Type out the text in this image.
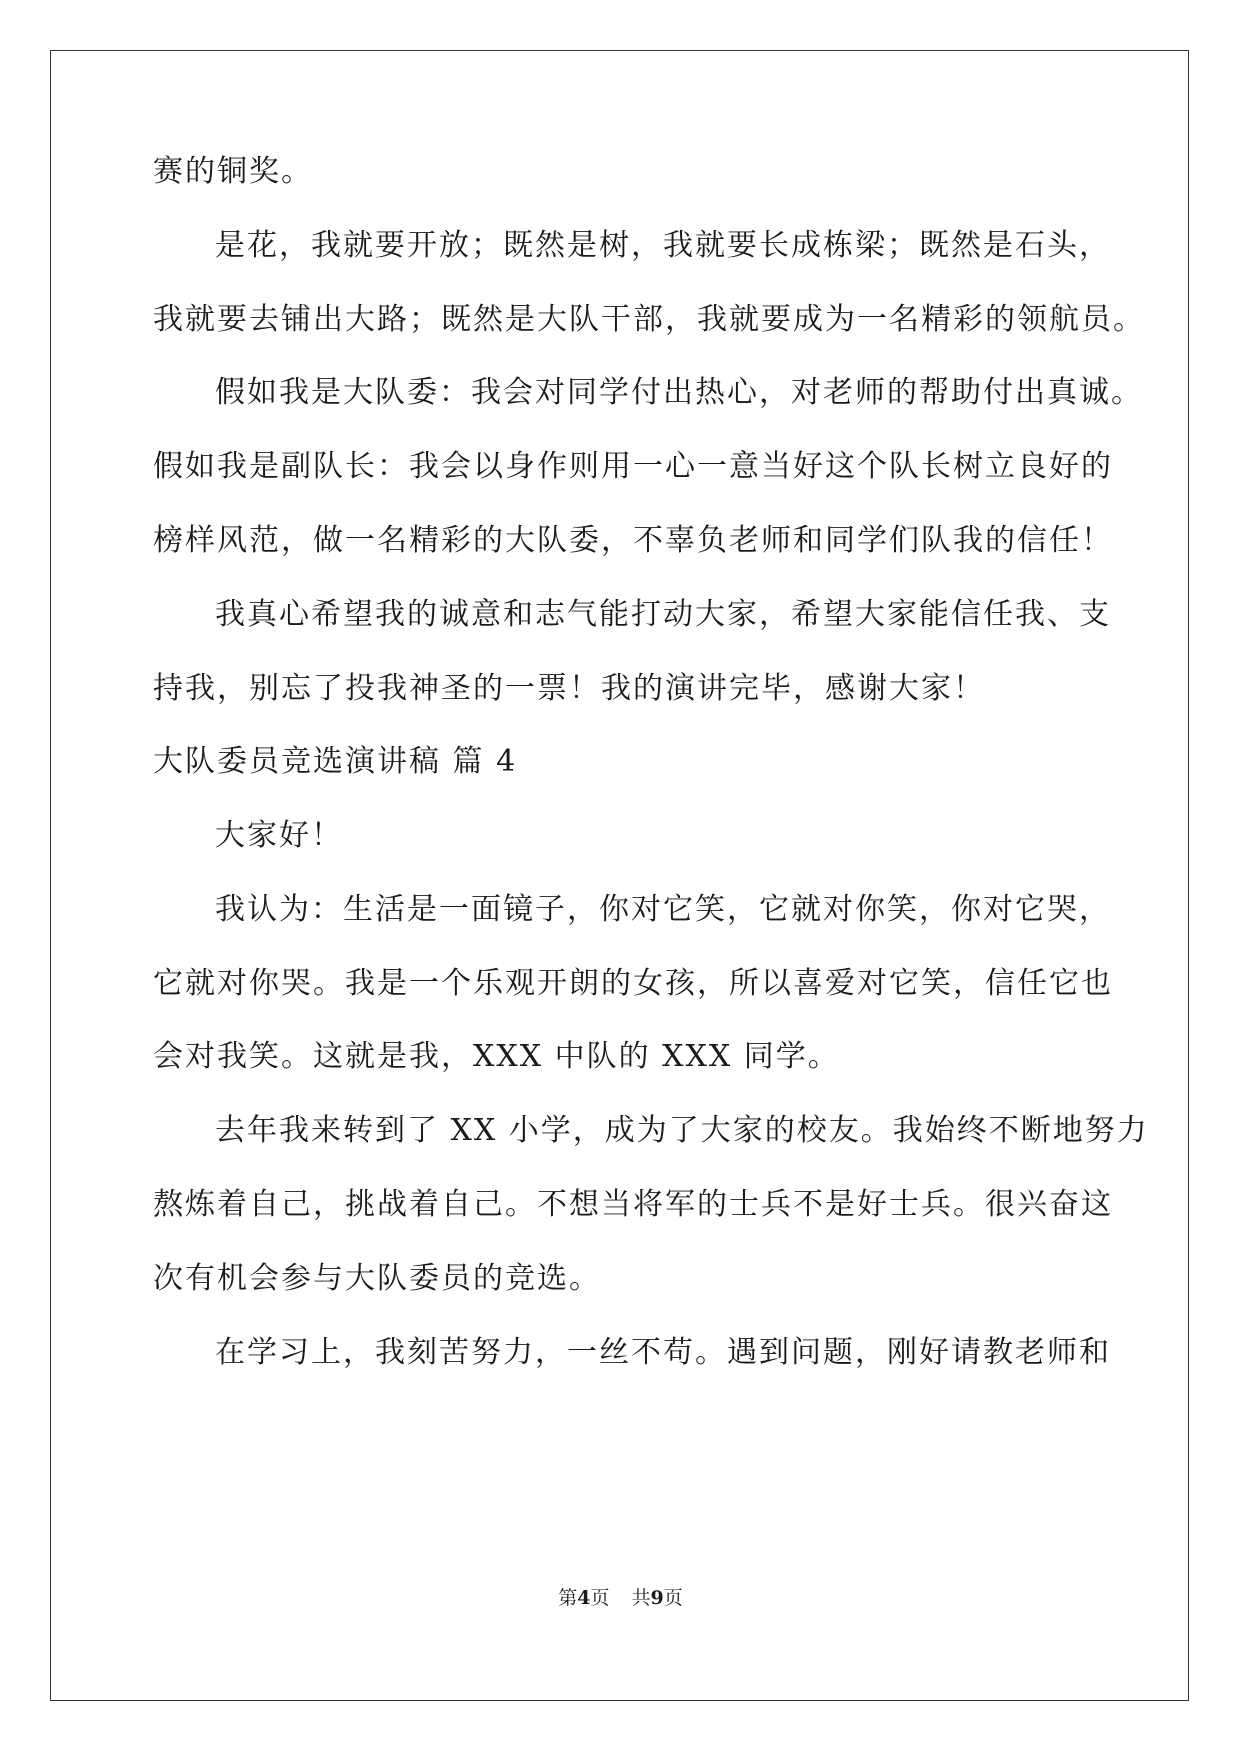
赛的铜奖。
是花，我就要开放；既然是树，我就要长成栋梁；既然是石头，
我就要去铺出大路；既然是大队干部，我就要成为一名精彩的领航员。
假如我是大队委：我会对同学付出热心，对老师的帮助付出真诚。
假如我是副队长：我会以身作则用一心一意当好这个队长树立良好的
榜样风范，做一名精彩的大队委，不辜负老师和同学们队我的信任！
我真心希望我的诚意和志气能打动大家，希望大家能信任我、支
持我，别忘了投我神圣的一票！我的演讲完毕，感谢大家！
大队委员竞选演讲稿 篇 4
大家好！
我认为：生活是一面镜子，你对它笑，它就对你笑，你对它哭，
它就对你哭。我是一个乐观开朗的女孩，所以喜爱对它笑，信任它也
会对我笑。这就是我，XXX 中队的 XXX 同学。
去年我来转到了 XX 小学，成为了大家的校友。我始终不断地努力
熬炼着自己，挑战着自己。不想当将军的士兵不是好士兵。很兴奋这
次有机会参与大队委员的竞选。
在学习上，我刻苦努力，一丝不苟。遇到问题，刚好请教老师和
第4页 共9页
